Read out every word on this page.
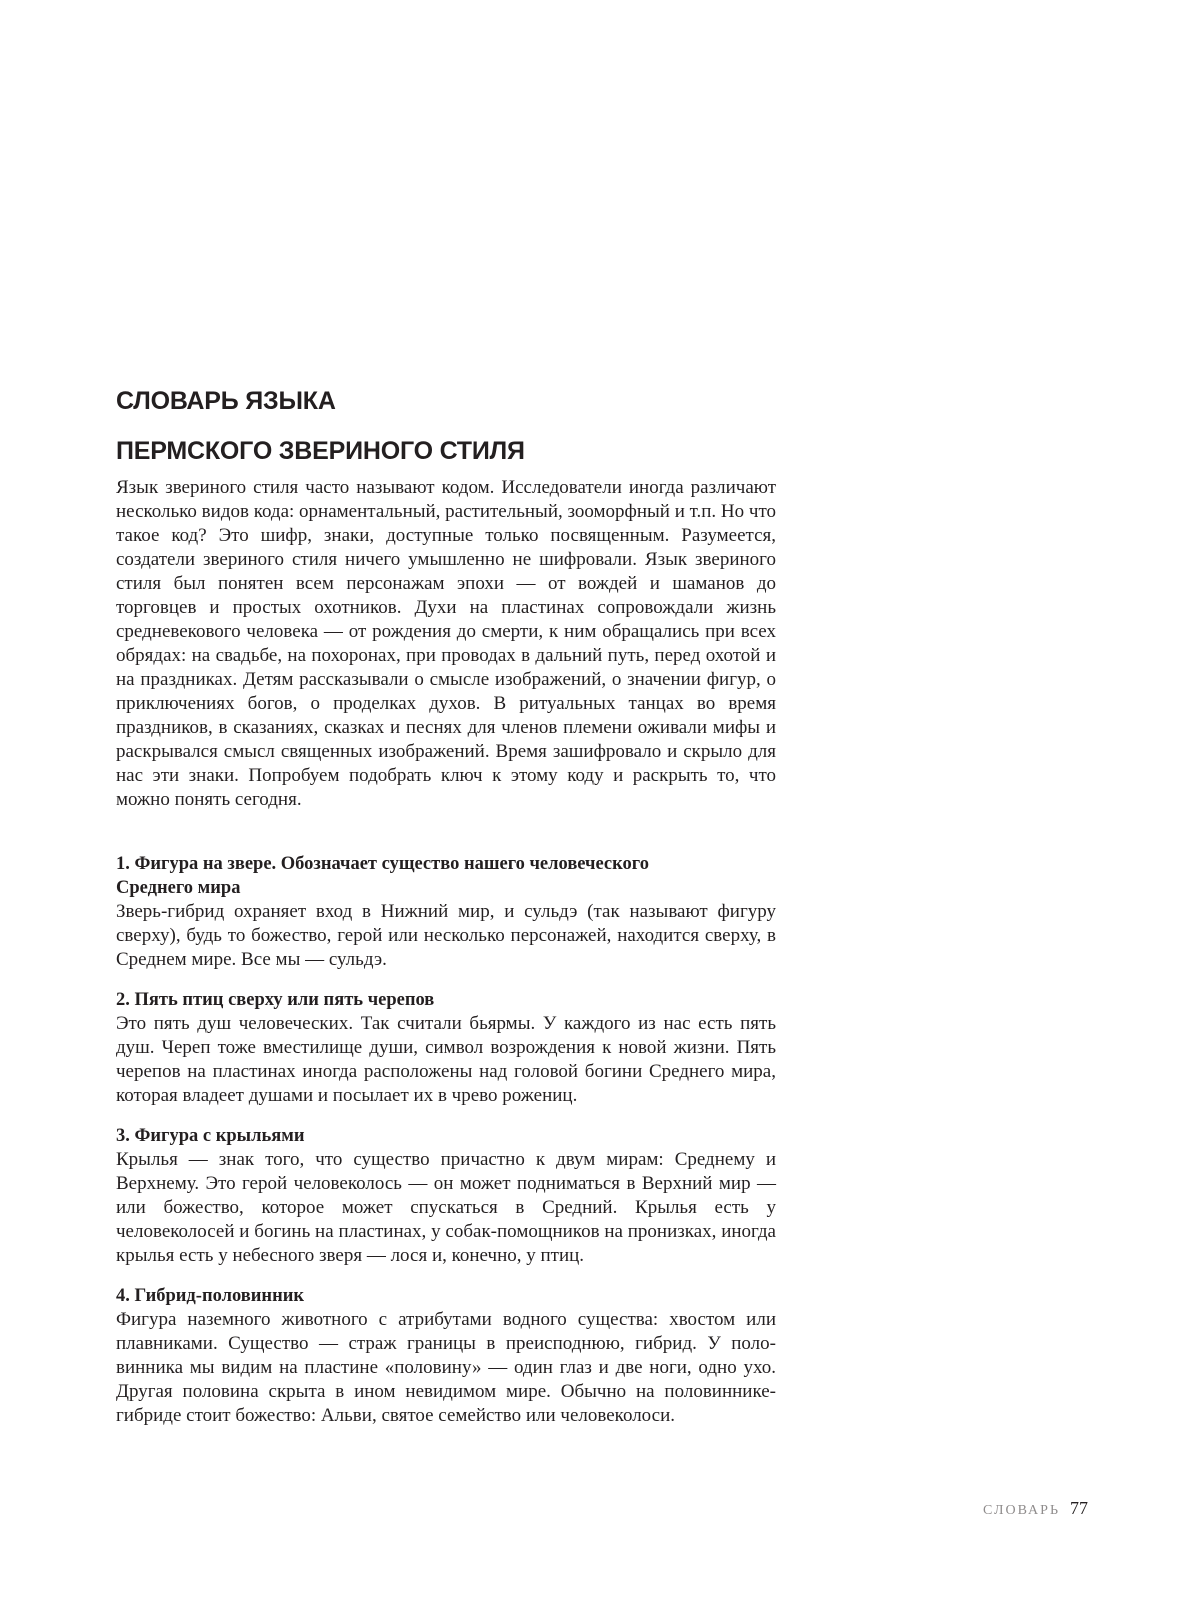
СЛОВАРЬ ЯЗЫКА
ПЕРМСКОГО ЗВЕРИНОГО СТИЛЯ

Язык звериного стиля часто называют кодом. Исследователи иногда различают несколько видов кода: орнаментальный, растительный, зооморфный и т.п. Но что такое код? Это шифр, знаки, доступные только посвященным. Разумеется, создатели звериного стиля ничего умышленно не шифровали. Язык звериного стиля был понятен всем персонажам эпохи — от вождей и шаманов до торговцев и простых охотников. Духи на пластинах сопровождали жизнь средневекового человека — от рождения до смерти, к ним обращались при всех обрядах: на свадьбе, на похоронах, при проводах в дальний путь, перед охотой и на праздниках. Детям рассказывали о смысле изображений, о значении фигур, о приключениях богов, о проделках духов. В ритуальных танцах во время праздников, в сказаниях, сказках и песнях для членов племени оживали мифы и раскрывался смысл священных изображений. Время зашифровало и скрыло для нас эти знаки. Попробуем подобрать ключ к этому коду и раскрыть то, что можно понять сегодня.

1. Фигура на звере. Обозначает существо нашего человеческого
Среднего мира

Зверь-гибрид охраняет вход в Нижний мир, и сульдэ (так называют фигуру сверху), будь то божество, герой или несколько персонажей, находится сверху, в Среднем мире. Все мы — сульдэ.

2. Пять птиц сверху или пять черепов

Это пять душ человеческих. Так считали бьярмы. У каждого из нас есть пять душ. Череп тоже вместилище души, символ возрождения к новой жизни. Пять черепов на пластинах иногда расположены над головой богини Среднего мира, которая владеет душами и посылает их в чрево рожениц.

3. Фигура с крыльями

Крылья — знак того, что существо причастно к двум мирам: Среднему и Верхнему. Это герой человеколось — он может подниматься в Верхний мир — или божество, которое может спускаться в Средний. Крылья есть у человеколосей и богинь на пластинах, у собак-помощников на пронизках, иногда крылья есть у небесного зверя — лося и, конечно, у птиц.

4. Гибрид-половинник

Фигура наземного животного с атрибутами водного существа: хвостом или плавниками. Существо — страж границы в преисподнюю, гибрид. У половинника мы видим на пластине «половину» — один глаз и две ноги, одно ухо. Другая половина скрыта в ином невидимом мире. Обычно на половиннике-гибриде стоит божество: Альви, святое семейство или человеколоси.

СЛОВАРЬ 77
